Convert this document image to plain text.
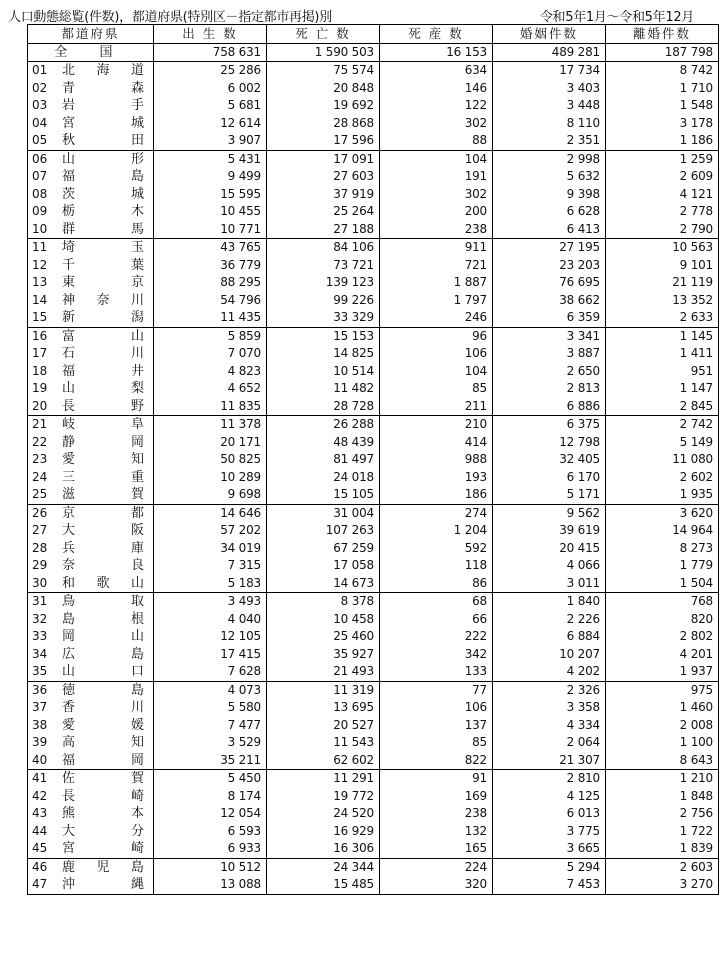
人口動態総覧(件数)，都道府県(特別区－指定都市再掲)別	令和5年1月～令和5年12月
都道府県	出 生 数	死 亡 数	死 産 数	婚姻件数	離婚件数
全 国	758 631	1 590 503	16 153	489 281	187 798
01 北 海 道	25 286	75 574	634	17 734	8 742
02 青 森	6 002	20 848	146	3 403	1 710
03 岩 手	5 681	19 692	122	3 448	1 548
04 宮 城	12 614	28 868	302	8 110	3 178
05 秋 田	3 907	17 596	88	2 351	1 186
06 山 形	5 431	17 091	104	2 998	1 259
07 福 島	9 499	27 603	191	5 632	2 609
08 茨 城	15 595	37 919	302	9 398	4 121
09 栃 木	10 455	25 264	200	6 628	2 778
10 群 馬	10 771	27 188	238	6 413	2 790
11 埼 玉	43 765	84 106	911	27 195	10 563
12 千 葉	36 779	73 721	721	23 203	9 101
13 東 京	88 295	139 123	1 887	76 695	21 119
14 神 奈 川	54 796	99 226	1 797	38 662	13 352
15 新 潟	11 435	33 329	246	6 359	2 633
16 富 山	5 859	15 153	96	3 341	1 145
17 石 川	7 070	14 825	106	3 887	1 411
18 福 井	4 823	10 514	104	2 650	951
19 山 梨	4 652	11 482	85	2 813	1 147
20 長 野	11 835	28 728	211	6 886	2 845
21 岐 阜	11 378	26 288	210	6 375	2 742
22 静 岡	20 171	48 439	414	12 798	5 149
23 愛 知	50 825	81 497	988	32 405	11 080
24 三 重	10 289	24 018	193	6 170	2 602
25 滋 賀	9 698	15 105	186	5 171	1 935
26 京 都	14 646	31 004	274	9 562	3 620
27 大 阪	57 202	107 263	1 204	39 619	14 964
28 兵 庫	34 019	67 259	592	20 415	8 273
29 奈 良	7 315	17 058	118	4 066	1 779
30 和 歌 山	5 183	14 673	86	3 011	1 504
31 鳥 取	3 493	8 378	68	1 840	768
32 島 根	4 040	10 458	66	2 226	820
33 岡 山	12 105	25 460	222	6 884	2 802
34 広 島	17 415	35 927	342	10 207	4 201
35 山 口	7 628	21 493	133	4 202	1 937
36 徳 島	4 073	11 319	77	2 326	975
37 香 川	5 580	13 695	106	3 358	1 460
38 愛 媛	7 477	20 527	137	4 334	2 008
39 高 知	3 529	11 543	85	2 064	1 100
40 福 岡	35 211	62 602	822	21 307	8 643
41 佐 賀	5 450	11 291	91	2 810	1 210
42 長 崎	8 174	19 772	169	4 125	1 848
43 熊 本	12 054	24 520	238	6 013	2 756
44 大 分	6 593	16 929	132	3 775	1 722
45 宮 崎	6 933	16 306	165	3 665	1 839
46 鹿 児 島	10 512	24 344	224	5 294	2 603
47 沖 縄	13 088	15 485	320	7 453	3 270
